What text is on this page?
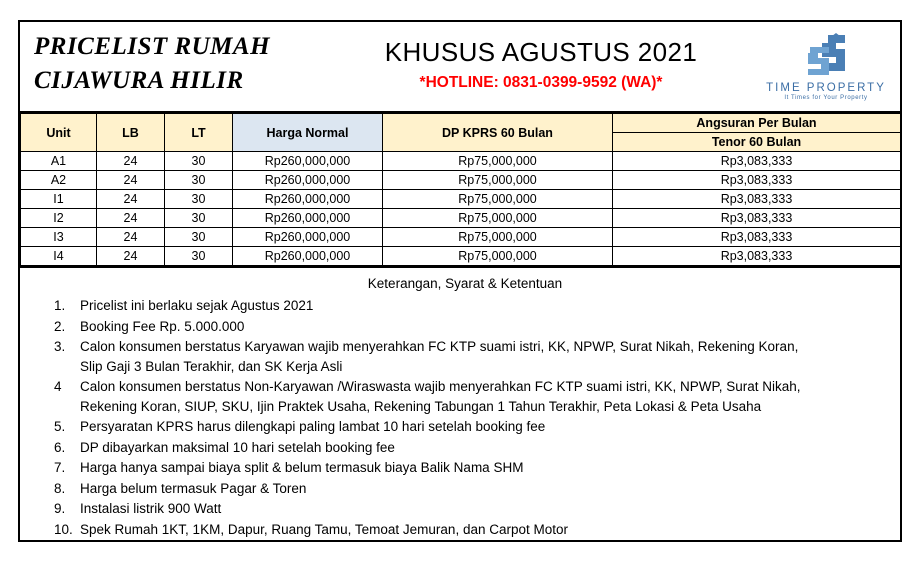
PRICELIST RUMAH
CIJAWURA HILIR
KHUSUS AGUSTUS 2021
*HOTLINE: 0831-0399-9592 (WA)*	TIME PROPERTY
It Times for Your Property
Unit	LB	LT	Harga Normal	DP KPRS 60 Bulan	Angsuran Per Bulan
					Tenor 60 Bulan
A1	24	30	Rp260,000,000	Rp75,000,000	Rp3,083,333
A2	24	30	Rp260,000,000	Rp75,000,000	Rp3,083,333
I1	24	30	Rp260,000,000	Rp75,000,000	Rp3,083,333
I2	24	30	Rp260,000,000	Rp75,000,000	Rp3,083,333
I3	24	30	Rp260,000,000	Rp75,000,000	Rp3,083,333
I4	24	30	Rp260,000,000	Rp75,000,000	Rp3,083,333
Keterangan, Syarat & Ketentuan
1.	Pricelist ini berlaku sejak Agustus 2021
2.	Booking Fee Rp. 5.000.000
3.	Calon konsumen berstatus Karyawan wajib menyerahkan FC KTP suami istri, KK, NPWP, Surat Nikah, Rekening Koran,
Slip Gaji 3 Bulan Terakhir, dan SK Kerja Asli
4	Calon konsumen berstatus Non-Karyawan /Wiraswasta wajib menyerahkan FC KTP suami istri, KK, NPWP, Surat Nikah,
Rekening Koran, SIUP, SKU, Ijin Praktek Usaha, Rekening Tabungan 1 Tahun Terakhir, Peta Lokasi & Peta Usaha
5.	Persyaratan KPRS harus dilengkapi paling lambat 10 hari setelah booking fee
6.	DP dibayarkan maksimal 10 hari setelah booking fee
7.	Harga hanya sampai biaya split & belum termasuk biaya Balik Nama SHM
8.	Harga belum termasuk Pagar & Toren
9.	Instalasi listrik 900 Watt
10. Spek Rumah 1KT, 1KM, Dapur, Ruang Tamu, Temoat Jemuran, dan Carpot Motor
